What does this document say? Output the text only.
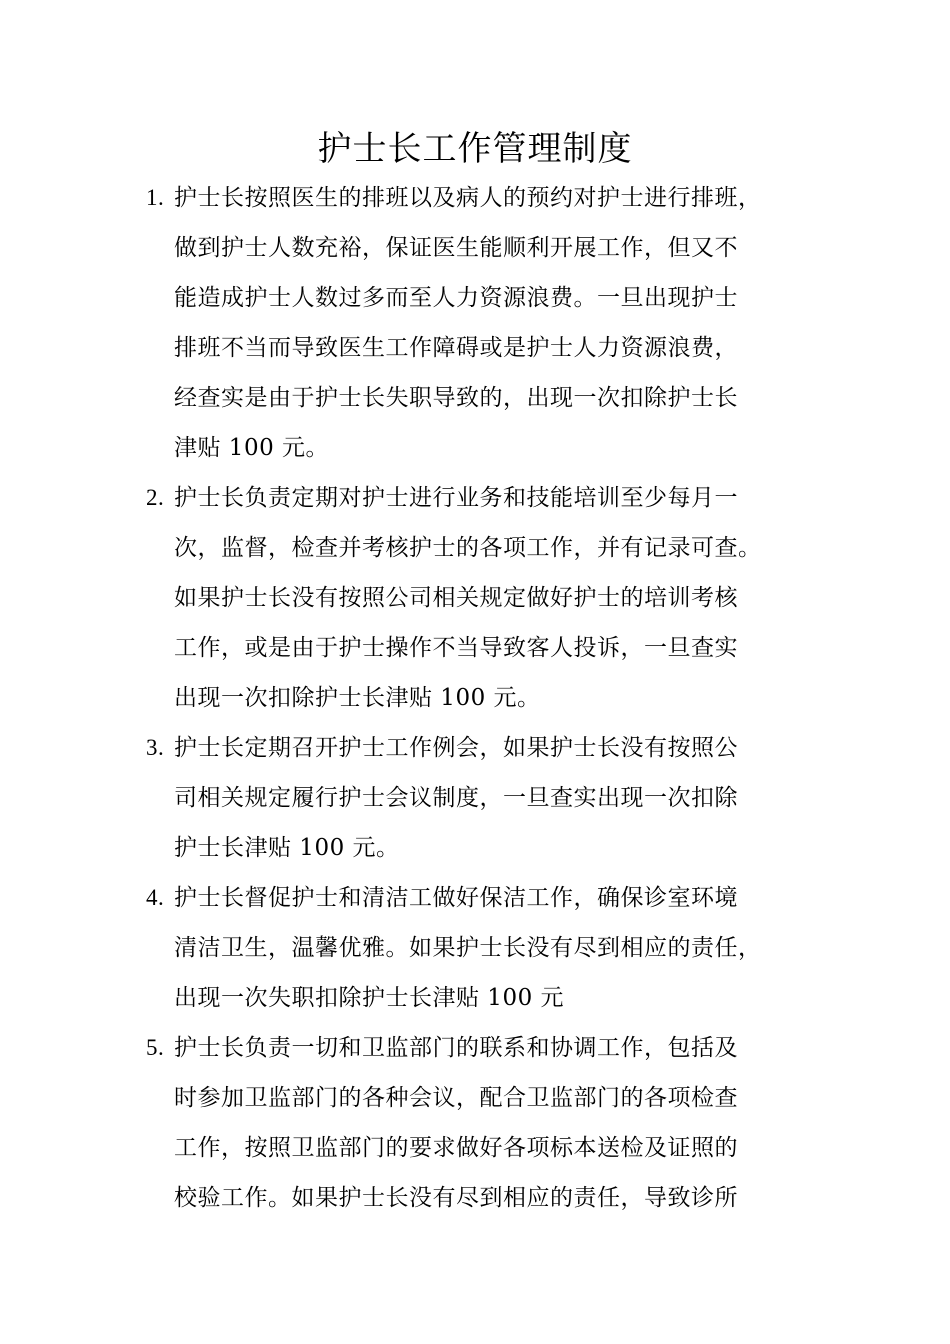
护士长工作管理制度
1. 护士长按照医生的排班以及病人的预约对护士进行排班，
做到护士人数充裕，保证医生能顺利开展工作，但又不
能造成护士人数过多而至人力资源浪费。一旦出现护士
排班不当而导致医生工作障碍或是护士人力资源浪费，
经查实是由于护士长失职导致的，出现一次扣除护士长
津贴 100 元。
2. 护士长负责定期对护士进行业务和技能培训至少每月一
次，监督，检查并考核护士的各项工作，并有记录可查。
如果护士长没有按照公司相关规定做好护士的培训考核
工作，或是由于护士操作不当导致客人投诉，一旦查实
出现一次扣除护士长津贴 100 元。
3. 护士长定期召开护士工作例会，如果护士长没有按照公
司相关规定履行护士会议制度，一旦查实出现一次扣除
护士长津贴 100 元。
4. 护士长督促护士和清洁工做好保洁工作，确保诊室环境
清洁卫生，温馨优雅。如果护士长没有尽到相应的责任，
出现一次失职扣除护士长津贴 100 元
5. 护士长负责一切和卫监部门的联系和协调工作，包括及
时参加卫监部门的各种会议，配合卫监部门的各项检查
工作，按照卫监部门的要求做好各项标本送检及证照的
校验工作。如果护士长没有尽到相应的责任，导致诊所
